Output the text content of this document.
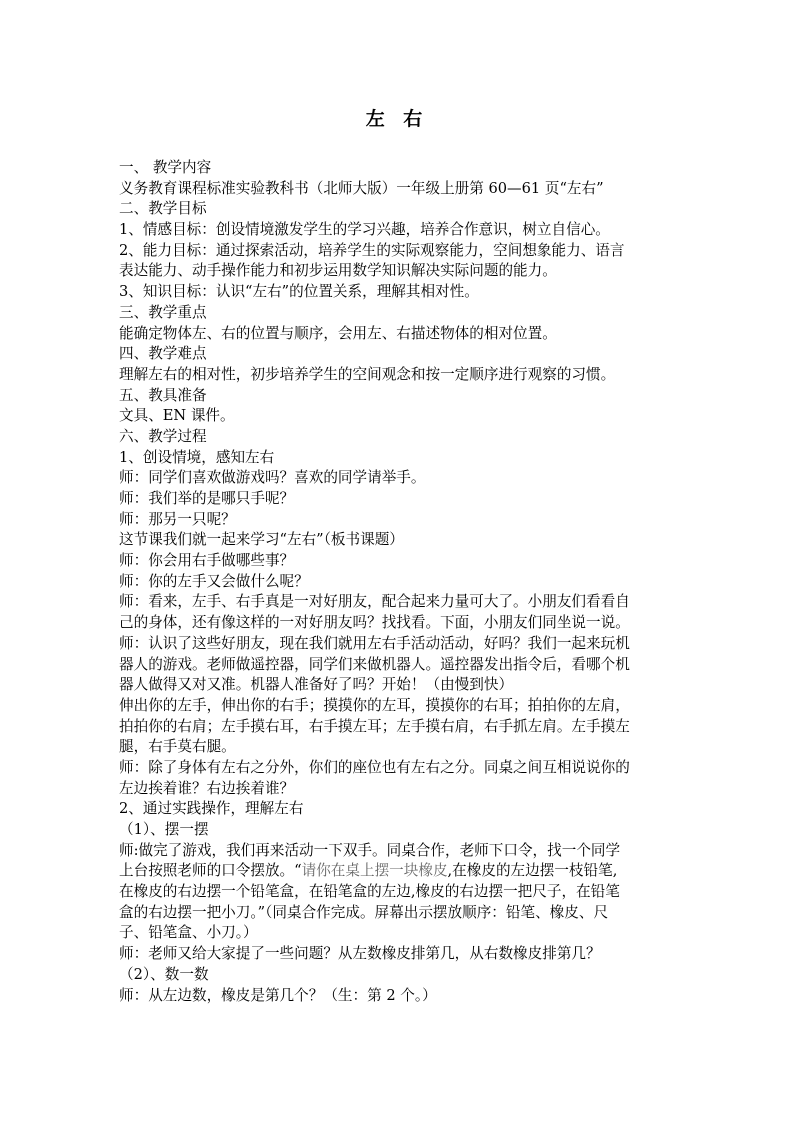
左 右
一、 教学内容
义务教育课程标准实验教科书（北师大版）一年级上册第 60—61 页“左右”
二、教学目标
1、情感目标：创设情境激发学生的学习兴趣，培养合作意识，树立自信心。
2、能力目标：通过探索活动，培养学生的实际观察能力，空间想象能力、语言
表达能力、动手操作能力和初步运用数学知识解决实际问题的能力。
3、知识目标：认识“左右”的位置关系，理解其相对性。
三、教学重点
能确定物体左、右的位置与顺序，会用左、右描述物体的相对位置。
四、教学难点
理解左右的相对性，初步培养学生的空间观念和按一定顺序进行观察的习惯。
五、教具准备
文具、EN 课件。
六、教学过程
1、创设情境，感知左右
师：同学们喜欢做游戏吗？喜欢的同学请举手。
师：我们举的是哪只手呢？
师：那另一只呢？
这节课我们就一起来学习“左右”（板书课题）
师：你会用右手做哪些事？
师：你的左手又会做什么呢？
师：看来，左手、右手真是一对好朋友，配合起来力量可大了。小朋友们看看自
己的身体，还有像这样的一对好朋友吗？找找看。下面，小朋友们同坐说一说。
师：认识了这些好朋友，现在我们就用左右手活动活动，好吗？我们一起来玩机
器人的游戏。老师做遥控器，同学们来做机器人。遥控器发出指令后，看哪个机
器人做得又对又准。机器人准备好了吗？开始！（由慢到快）
伸出你的左手，伸出你的右手；摸摸你的左耳，摸摸你的右耳；拍拍你的左肩，
拍拍你的右肩；左手摸右耳，右手摸左耳；左手摸右肩，右手抓左肩。左手摸左
腿，右手莫右腿。
师：除了身体有左右之分外，你们的座位也有左右之分。同桌之间互相说说你的
左边挨着谁？右边挨着谁？
2、通过实践操作，理解左右
（1）、摆一摆
师:做完了游戏，我们再来活动一下双手。同桌合作，老师下口令，找一个同学
上台按照老师的口令摆放。“请你在桌上摆一块橡皮,在橡皮的左边摆一枝铅笔,
在橡皮的右边摆一个铅笔盒，在铅笔盒的左边,橡皮的右边摆一把尺子，在铅笔
盒的右边摆一把小刀。”（同桌合作完成。屏幕出示摆放顺序：铅笔、橡皮、尺
子、铅笔盒、小刀。）
师：老师又给大家提了一些问题？从左数橡皮排第几，从右数橡皮排第几？
（2）、数一数
师：从左边数，橡皮是第几个？（生：第 2 个。）
